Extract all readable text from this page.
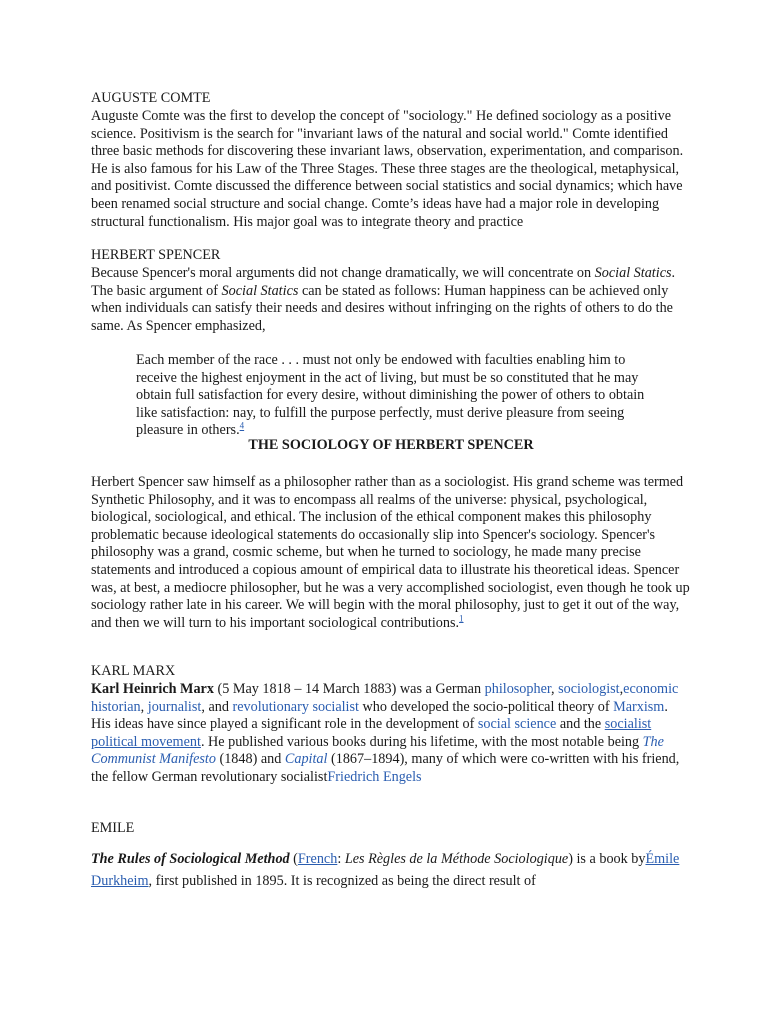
AUGUSTE COMTE

Auguste Comte was the first to develop the concept of "sociology." He defined sociology as a positive science. Positivism is the search for "invariant laws of the natural and social world." Comte identified three basic methods for discovering these invariant laws, observation, experimentation, and comparison. He is also famous for his Law of the Three Stages. These three stages are the theological, metaphysical, and positivist. Comte discussed the difference between social statistics and social dynamics; which have been renamed social structure and social change. Comte’s ideas have had a major role in developing structural functionalism. His major goal was to integrate theory and practice

HERBERT SPENCER

Because Spencer's moral arguments did not change dramatically, we will concentrate on Social Statics. The basic argument of Social Statics can be stated as follows: Human happiness can be achieved only when individuals can satisfy their needs and desires without infringing on the rights of others to do the same. As Spencer emphasized,

Each member of the race . . . must not only be endowed with faculties enabling him to receive the highest enjoyment in the act of living, but must be so constituted that he may obtain full satisfaction for every desire, without diminishing the power of others to obtain like satisfaction: nay, to fulfill the purpose perfectly, must derive pleasure from seeing pleasure in others.$^4$

THE SOCIOLOGY OF HERBERT SPENCER

Herbert Spencer saw himself as a philosopher rather than as a sociologist. His grand scheme was termed Synthetic Philosophy, and it was to encompass all realms of the universe: physical, psychological, biological, sociological, and ethical. The inclusion of the ethical component makes this philosophy problematic because ideological statements do occasionally slip into Spencer's sociology. Spencer's philosophy was a grand, cosmic scheme, but when he turned to sociology, he made many precise statements and introduced a copious amount of empirical data to illustrate his theoretical ideas. Spencer was, at best, a mediocre philosopher, but he was a very accomplished sociologist, even though he took up sociology rather late in his career. We will begin with the moral philosophy, just to get it out of the way, and then we will turn to his important sociological contributions.$^1$

KARL MARX

Karl Heinrich Marx (5 May 1818 – 14 March 1883) was a German philosopher, sociologist,economic historian, journalist, and revolutionary socialist who developed the socio-political theory of Marxism. His ideas have since played a significant role in the development of social science and the socialist political movement. He published various books during his lifetime, with the most notable being The Communist Manifesto (1848) and Capital (1867–1894), many of which were co-written with his friend, the fellow German revolutionary socialistFriedrich Engels

EMILE

The Rules of Sociological Method (French: Les Règles de la Méthode Sociologique) is a book byÉmile Durkheim, first published in 1895. It is recognized as being the direct result of
